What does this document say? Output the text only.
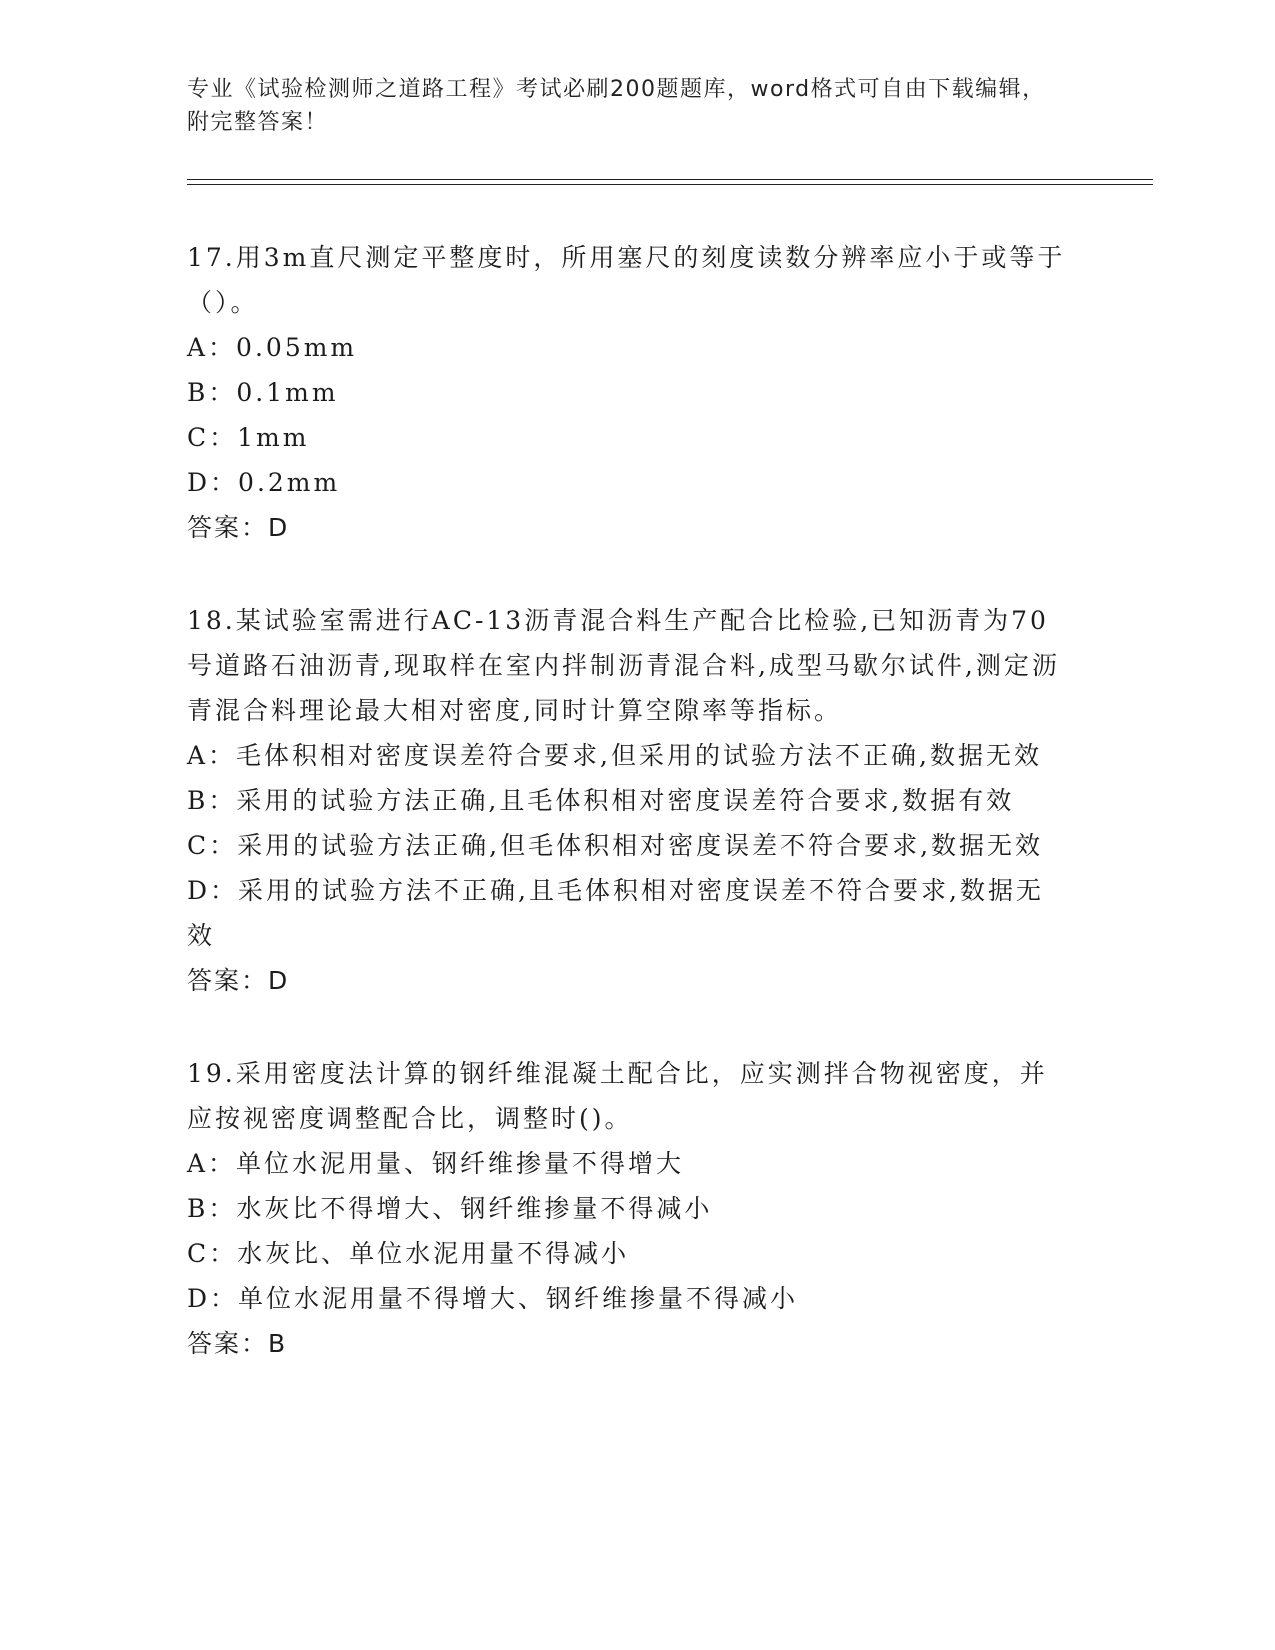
专业《试验检测师之道路工程》考试必刷200题题库，word格式可自由下载编辑，附完整答案！

17.用3m直尺测定平整度时，所用塞尺的刻度读数分辨率应小于或等于（）。

A：0.05mm

B：0.1mm

C：1mm

D：0.2mm

答案：D

18.某试验室需进行AC-13沥青混合料生产配合比检验,已知沥青为70号道路石油沥青,现取样在室内拌制沥青混合料,成型马歇尔试件,测定沥青混合料理论最大相对密度,同时计算空隙率等指标。

A：毛体积相对密度误差符合要求,但采用的试验方法不正确,数据无效

B：采用的试验方法正确,且毛体积相对密度误差符合要求,数据有效

C：采用的试验方法正确,但毛体积相对密度误差不符合要求,数据无效

D：采用的试验方法不正确,且毛体积相对密度误差不符合要求,数据无效

答案：D

19.采用密度法计算的钢纤维混凝土配合比，应实测拌合物视密度，并应按视密度调整配合比，调整时()。

A：单位水泥用量、钢纤维掺量不得增大

B：水灰比不得增大、钢纤维掺量不得减小

C：水灰比、单位水泥用量不得减小

D：单位水泥用量不得增大、钢纤维掺量不得减小

答案：B
